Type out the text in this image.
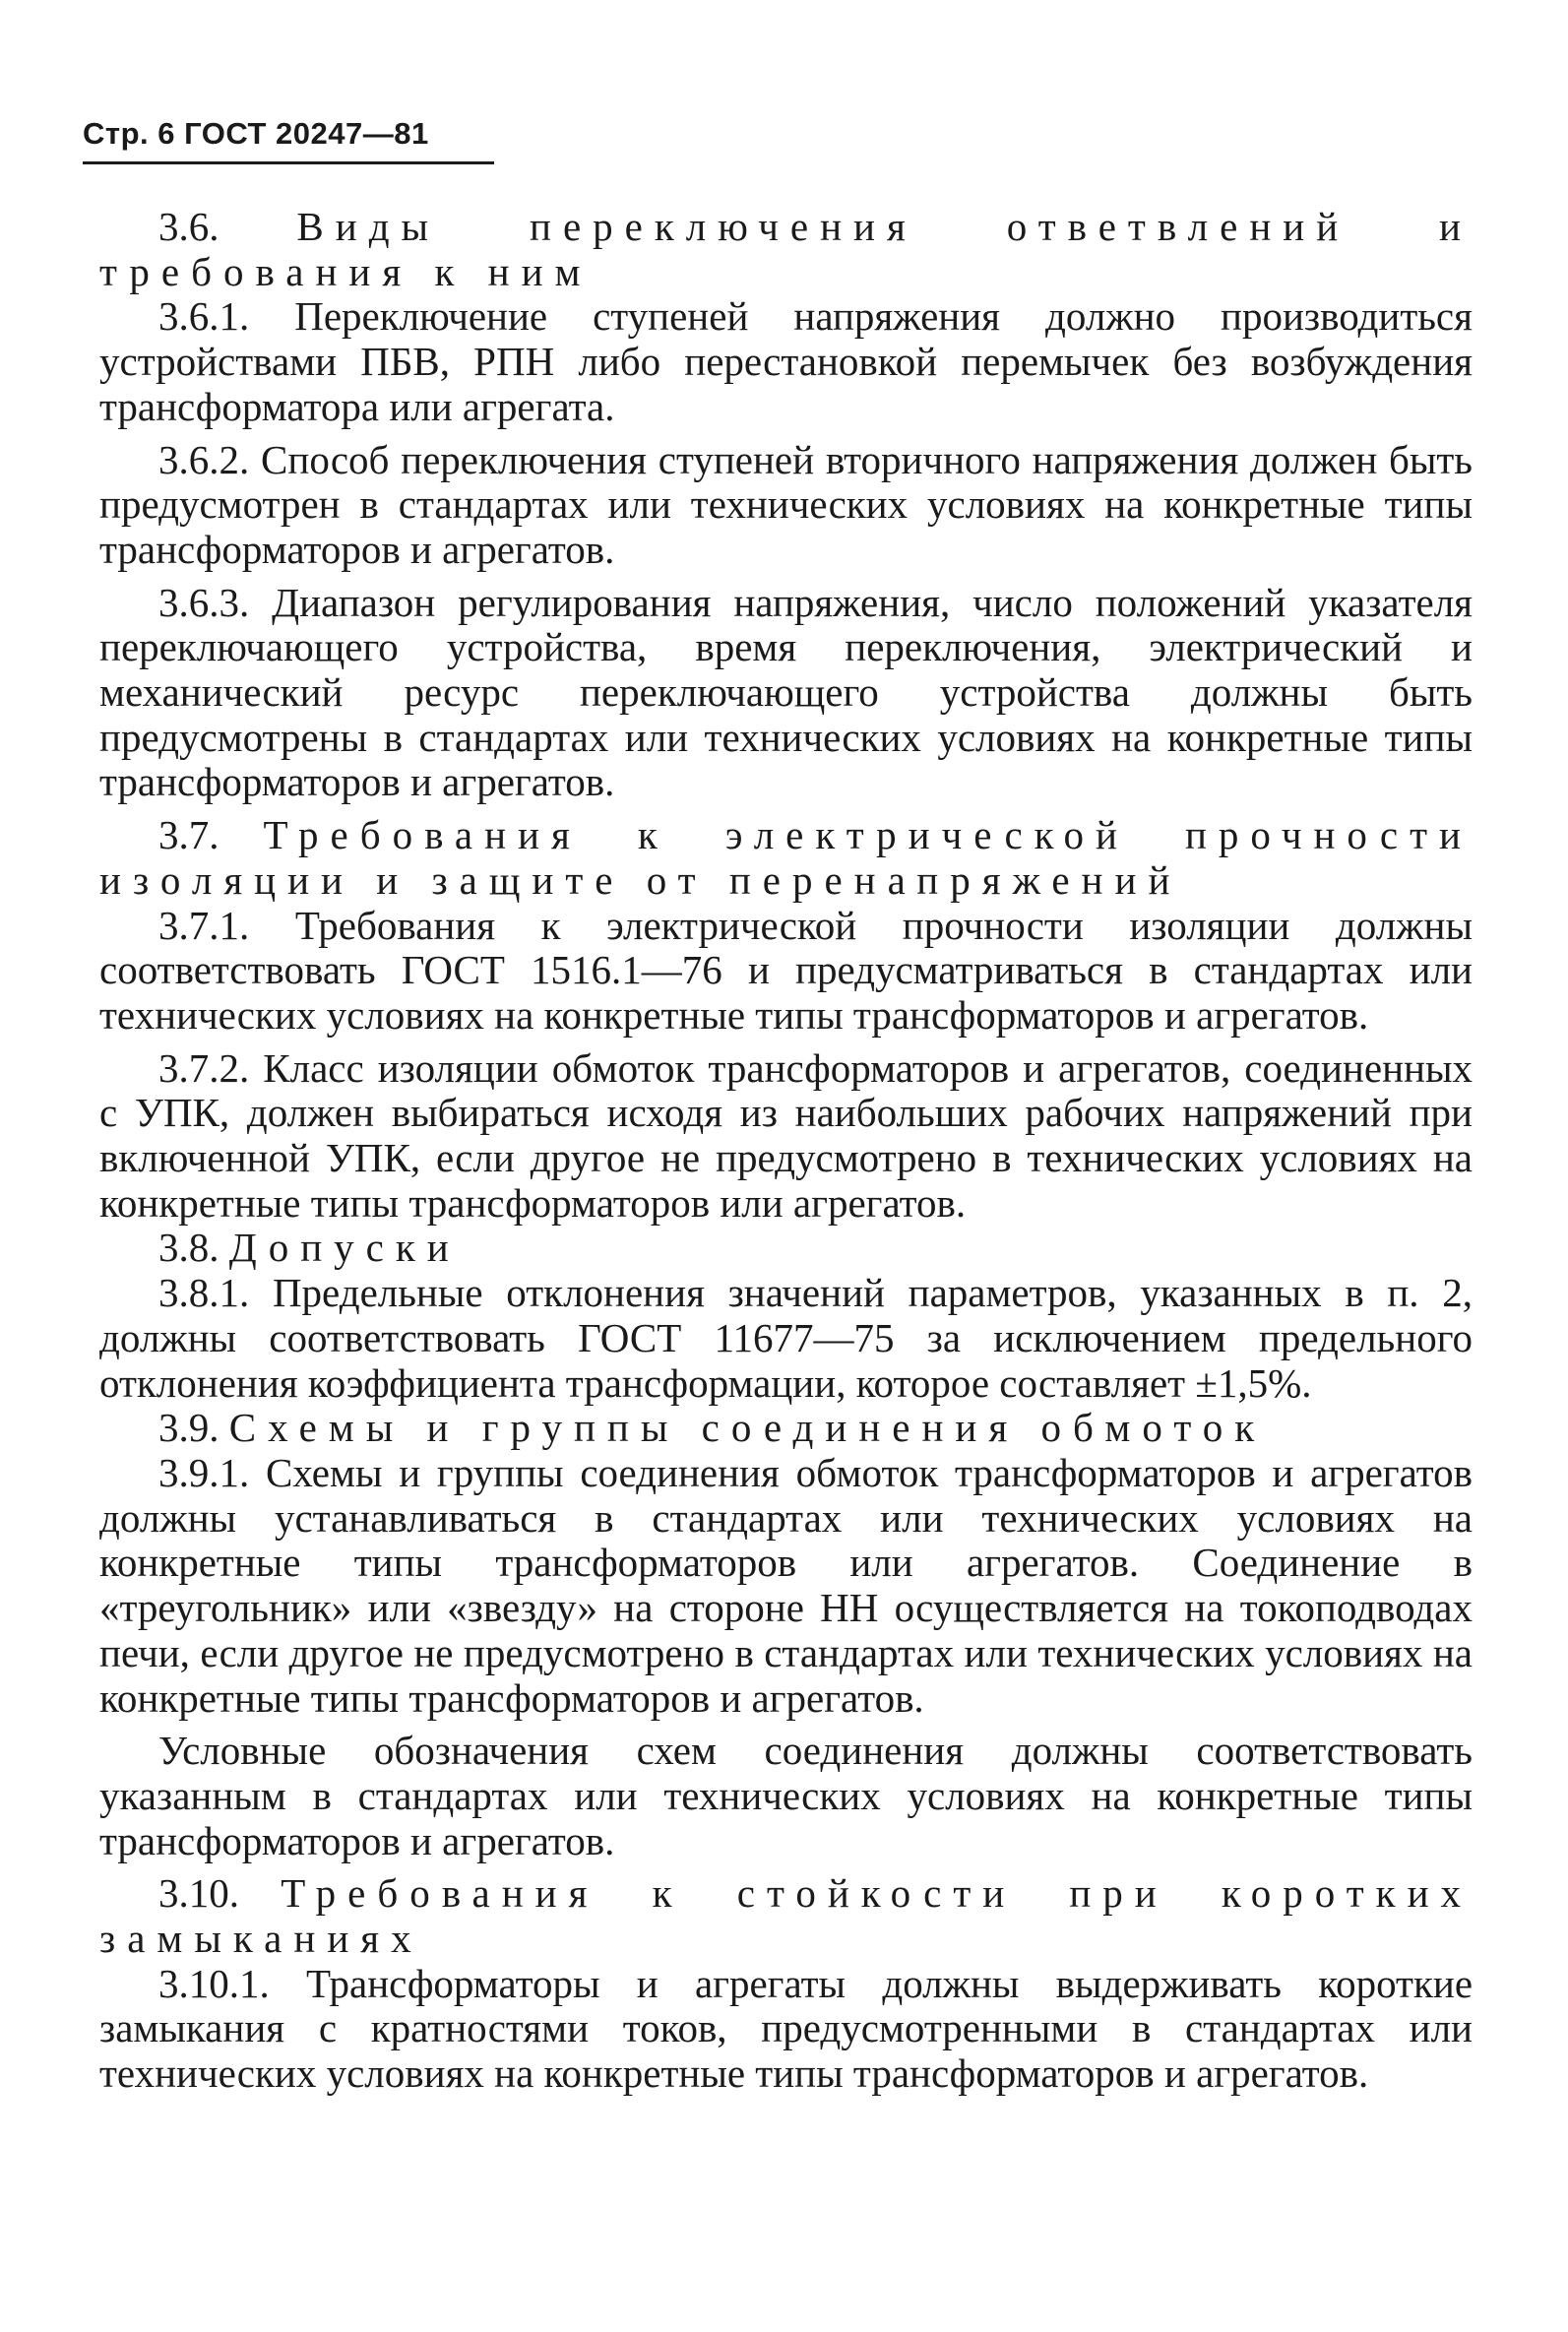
Стр. 6 ГОСТ 20247—81

3.6. Виды переключения ответвлений и требования к ним

3.6.1. Переключение ступеней напряжения должно производиться устройствами ПБВ, РПН либо перестановкой перемычек без возбуждения трансформатора или агрегата.

3.6.2. Способ переключения ступеней вторичного напряжения должен быть предусмотрен в стандартах или технических условиях на конкретные типы трансформаторов и агрегатов.

3.6.3. Диапазон регулирования напряжения, число положений указателя переключающего устройства, время переключения, электрический и механический ресурс переключающего устройства должны быть предусмотрены в стандартах или технических условиях на конкретные типы трансформаторов и агрегатов.

3.7. Требования к электрической прочности изоляции и защите от перенапряжений

3.7.1. Требования к электрической прочности изоляции должны соответствовать ГОСТ 1516.1—76 и предусматриваться в стандартах или технических условиях на конкретные типы трансформаторов и агрегатов.

3.7.2. Класс изоляции обмоток трансформаторов и агрегатов, соединенных с УПК, должен выбираться исходя из наибольших рабочих напряжений при включенной УПК, если другое не предусмотрено в технических условиях на конкретные типы трансформаторов или агрегатов.

3.8. Допуски

3.8.1. Предельные отклонения значений параметров, указанных в п. 2, должны соответствовать ГОСТ 11677—75 за исключением предельного отклонения коэффициента трансформации, которое составляет ±1,5%.

3.9. Схемы и группы соединения обмоток

3.9.1. Схемы и группы соединения обмоток трансформаторов и агрегатов должны устанавливаться в стандартах или технических условиях на конкретные типы трансформаторов или агрегатов. Соединение в «треугольник» или «звезду» на стороне НН осуществляется на токоподводах печи, если другое не предусмотрено в стандартах или технических условиях на конкретные типы трансформаторов и агрегатов.

Условные обозначения схем соединения должны соответствовать указанным в стандартах или технических условиях на конкретные типы трансформаторов и агрегатов.

3.10. Требования к стойкости при коротких замыканиях

3.10.1. Трансформаторы и агрегаты должны выдерживать короткие замыкания с кратностями токов, предусмотренными в стандартах или технических условиях на конкретные типы трансформаторов и агрегатов.
